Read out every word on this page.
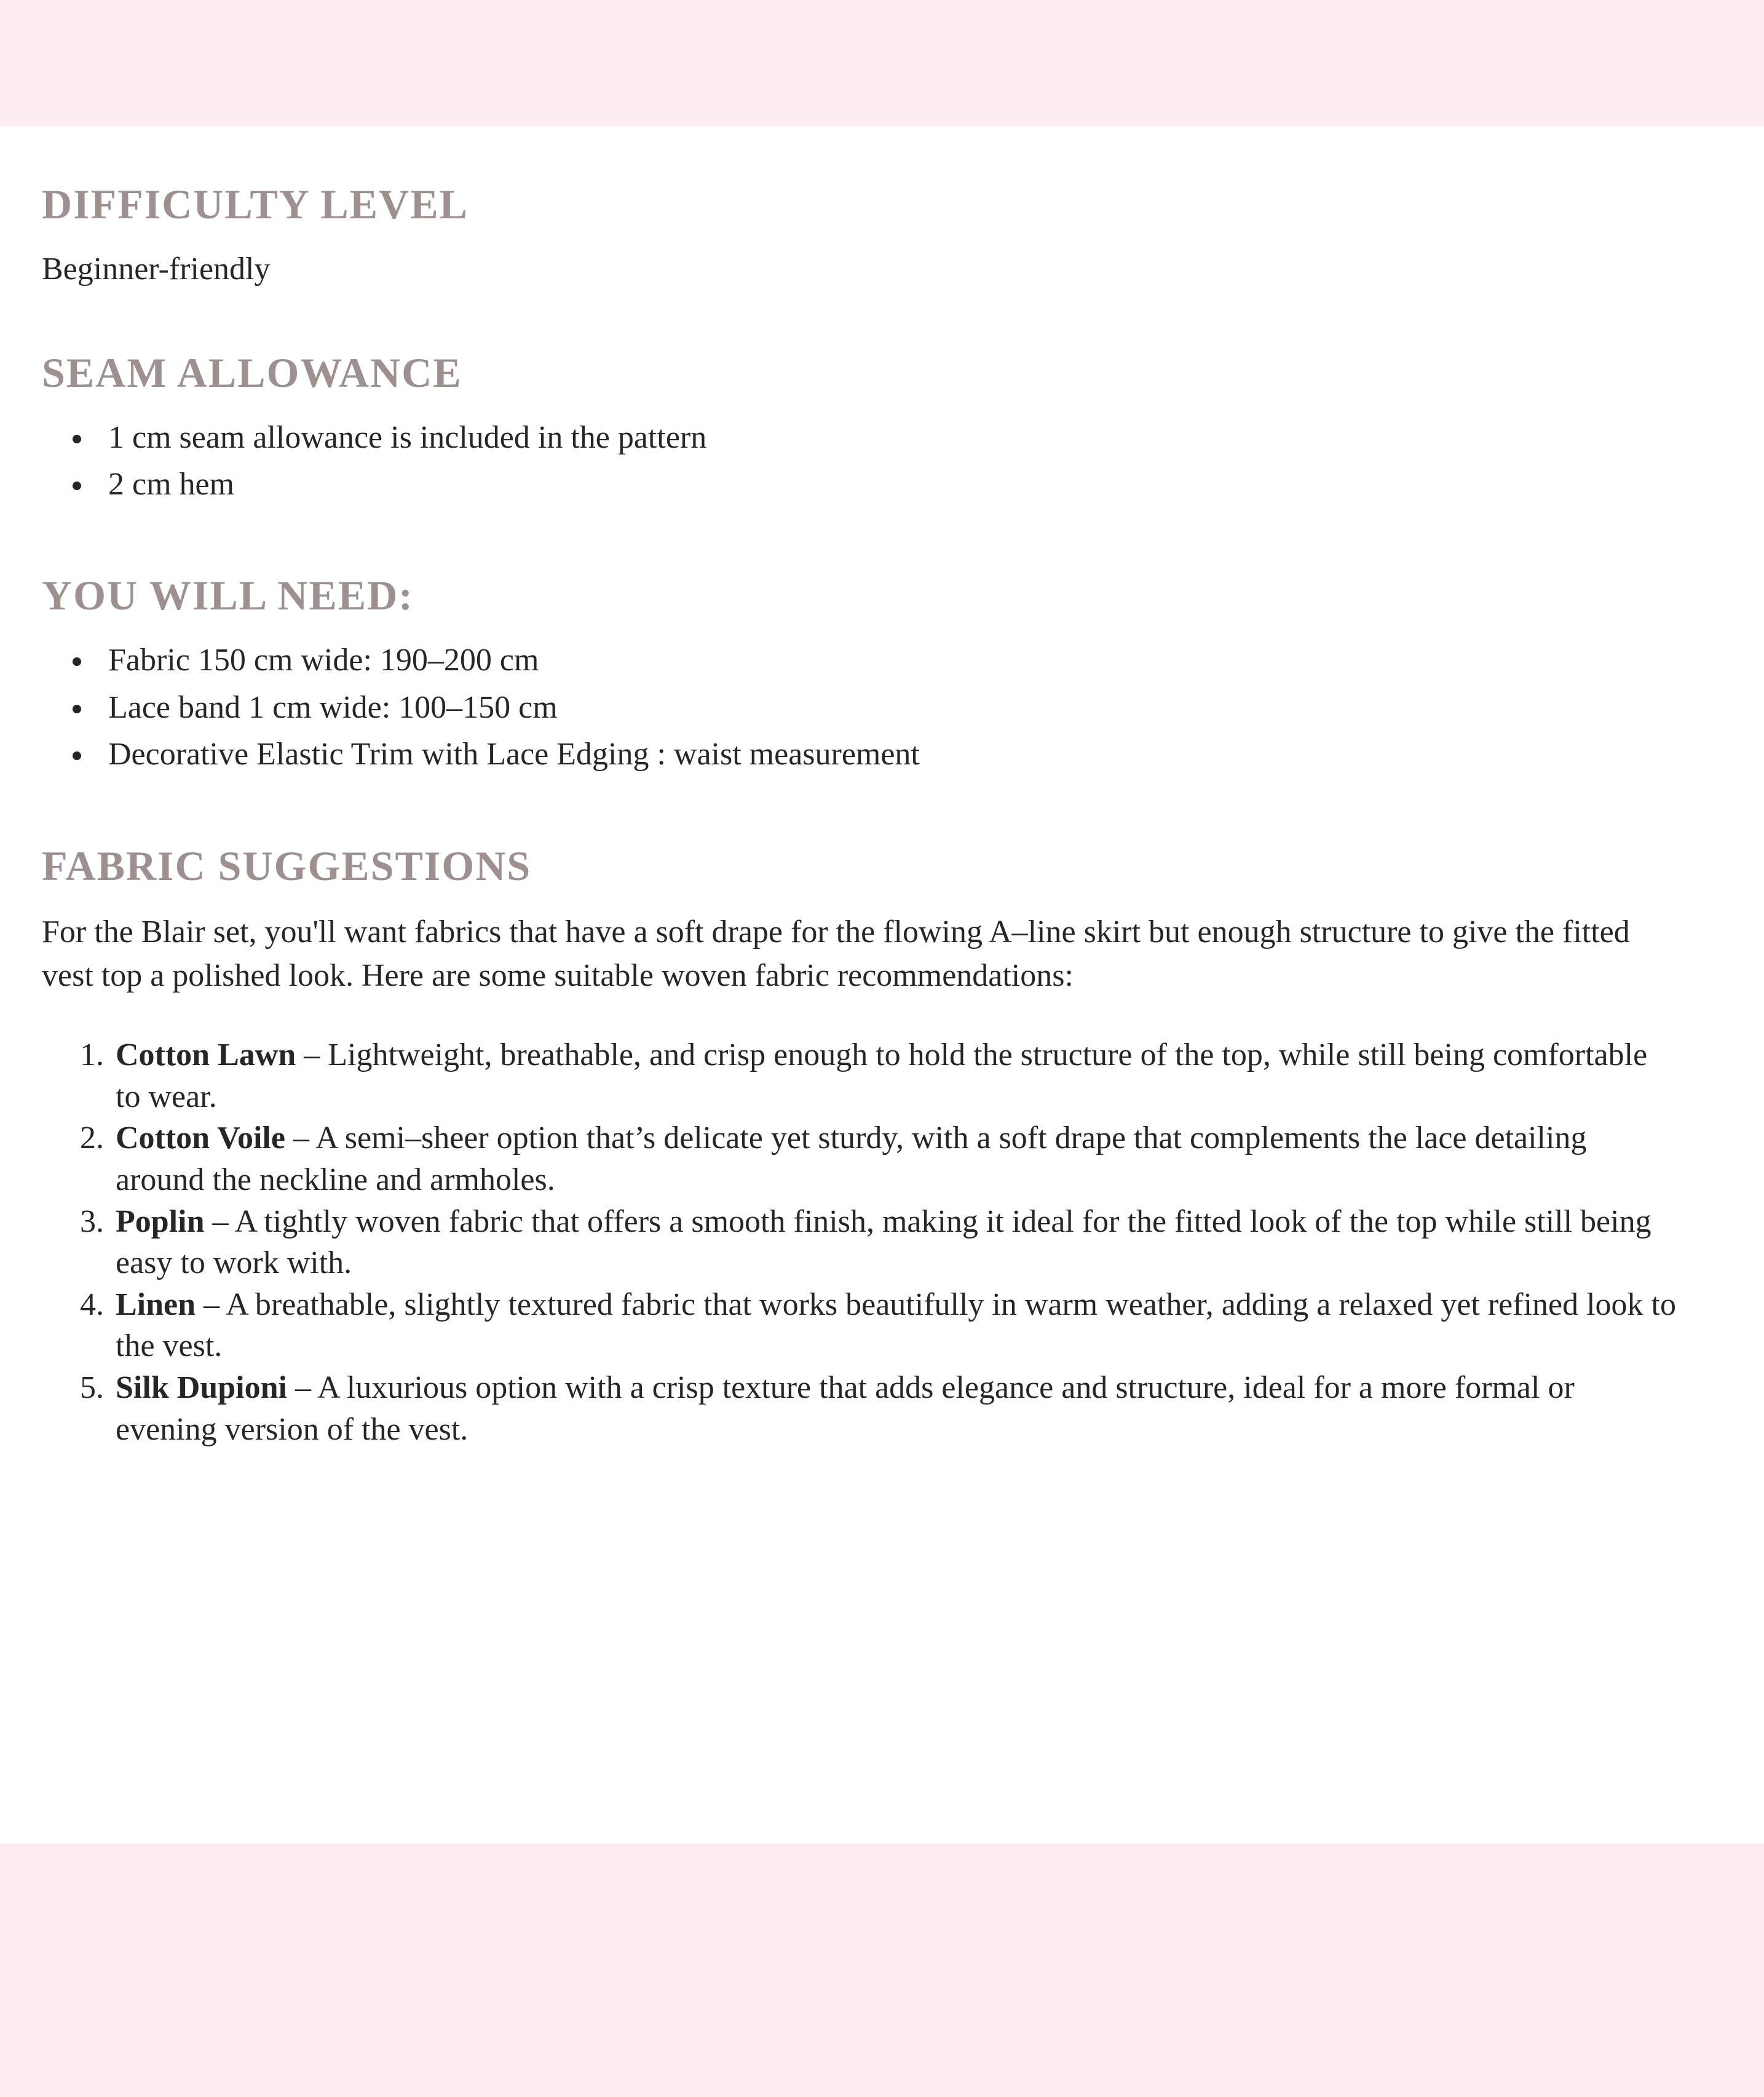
DIFFICULTY LEVEL

Beginner-friendly

SEAM ALLOWANCE
1 cm seam allowance is included in the pattern
2 cm hem
YOU WILL NEED:
Fabric 150 cm wide: 190–200 cm
Lace band 1 cm wide: 100–150 cm
Decorative Elastic Trim with Lace Edging : waist measurement
FABRIC SUGGESTIONS

For the Blair set, you'll want fabrics that have a soft drape for the flowing A–line skirt but enough structure to give the fitted vest top a polished look. Here are some suitable woven fabric recommendations:

Cotton Lawn – Lightweight, breathable, and crisp enough to hold the structure of the top, while still being comfortable to wear.
Cotton Voile – A semi–sheer option that’s delicate yet sturdy, with a soft drape that complements the lace detailing around the neckline and armholes.
Poplin – A tightly woven fabric that offers a smooth finish, making it ideal for the fitted look of the top while still being easy to work with.
Linen – A breathable, slightly textured fabric that works beautifully in warm weather, adding a relaxed yet refined look to the vest.
Silk Dupioni – A luxurious option with a crisp texture that adds elegance and structure, ideal for a more formal or evening version of the vest.
